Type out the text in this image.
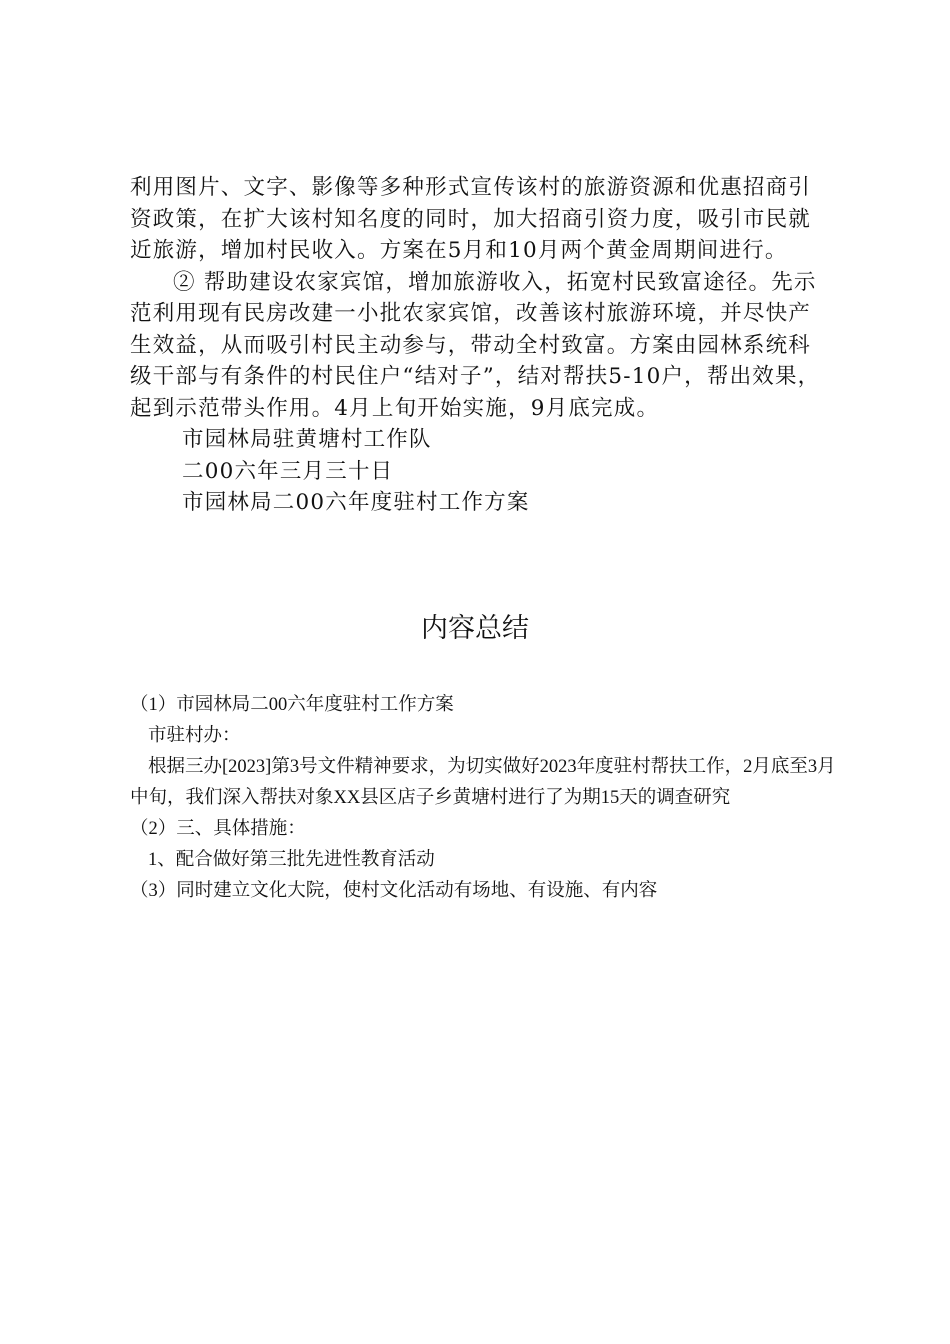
利用图片、文字、影像等多种形式宣传该村的旅游资源和优惠招商引资政策，在扩大该村知名度的同时，加大招商引资力度，吸引市民就近旅游，增加村民收入。方案在5月和10月两个黄金周期间进行。

② 帮助建设农家宾馆，增加旅游收入，拓宽村民致富途径。先示范利用现有民房改建一小批农家宾馆，改善该村旅游环境，并尽快产生效益，从而吸引村民主动参与，带动全村致富。方案由园林系统科级干部与有条件的村民住户“结对子”，结对帮扶5-10户，帮出效果，起到示范带头作用。4月上旬开始实施，9月底完成。

市园林局驻黄塘村工作队

二00六年三月三十日

市园林局二00六年度驻村工作方案

内容总结

（1）市园林局二00六年度驻村工作方案

市驻村办：

根据三办[2023]第3号文件精神要求，为切实做好2023年度驻村帮扶工作，2月底至3月中旬，我们深入帮扶对象XX县区店子乡黄塘村进行了为期15天的调查研究

（2）三、具体措施：

1、配合做好第三批先进性教育活动

（3）同时建立文化大院，使村文化活动有场地、有设施、有内容
